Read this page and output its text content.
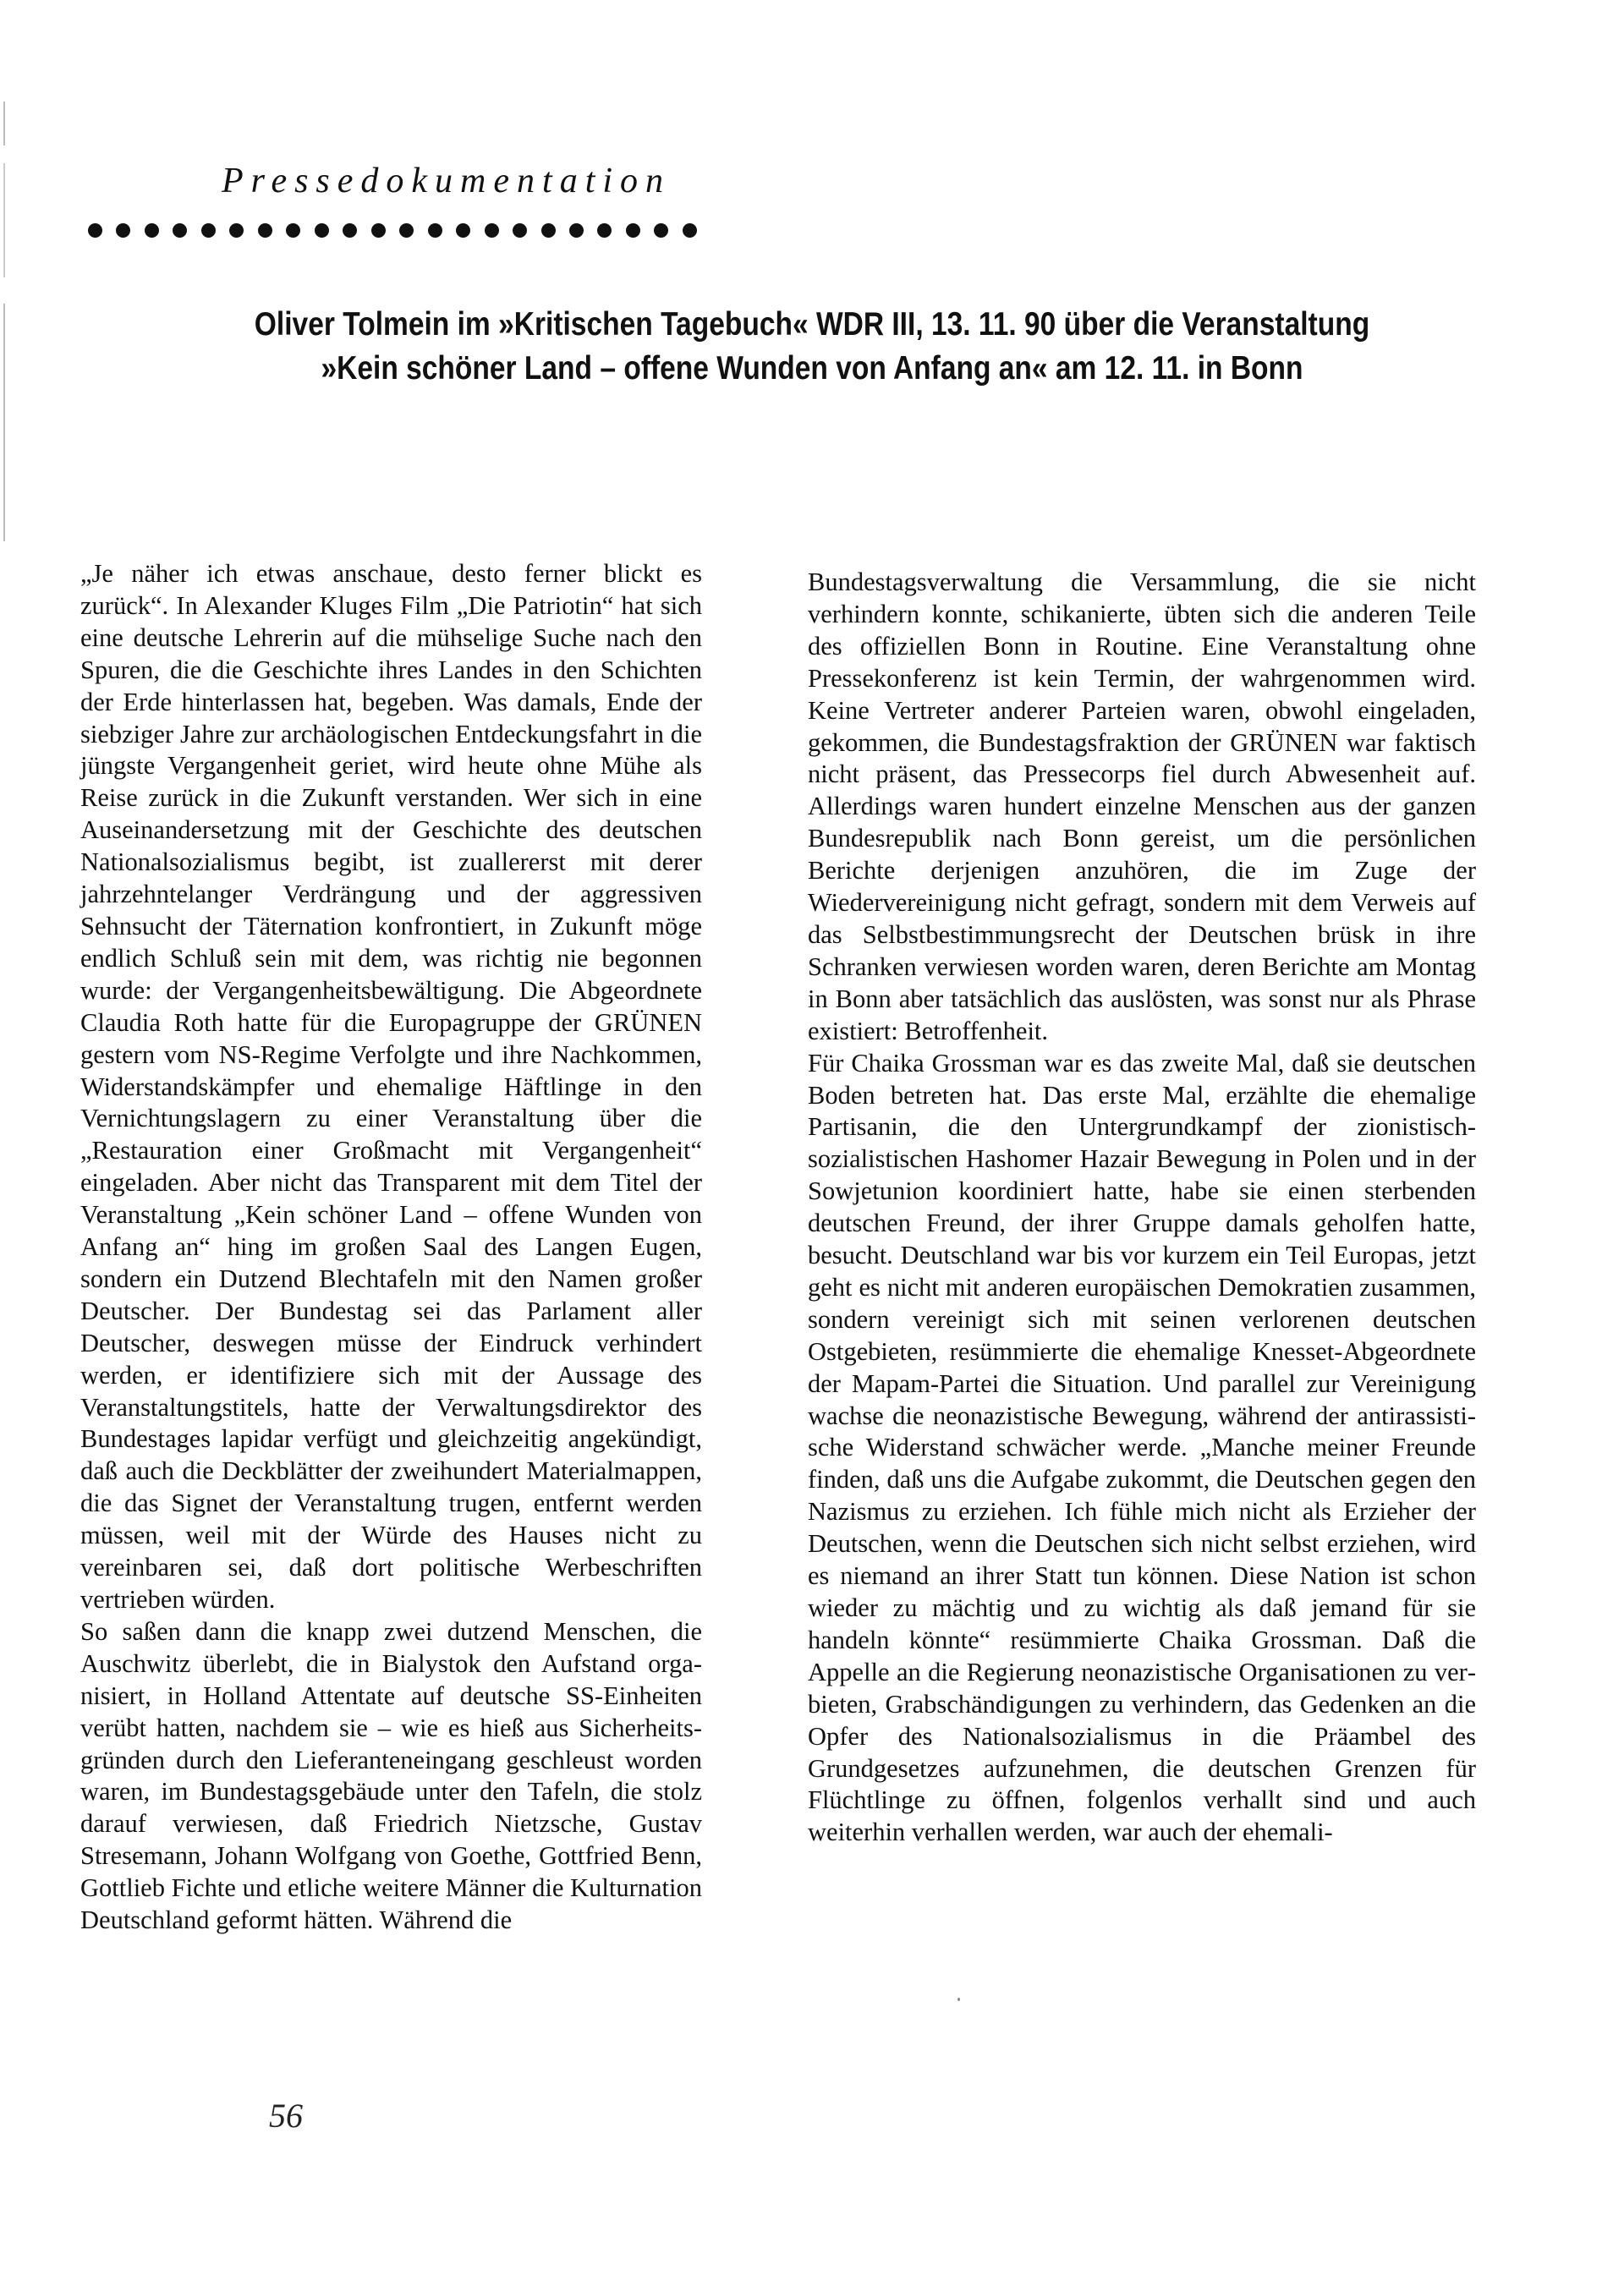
Pressedokumentation
Oliver Tolmein im »Kritischen Tagebuch« WDR III, 13. 11. 90 über die Veranstaltung
»Kein schöner Land – offene Wunden von Anfang an« am 12. 11. in Bonn

„Je näher ich etwas anschaue, desto ferner blickt es zurück“. In Alexander Kluges Film „Die Patriotin“ hat sich eine deutsche Lehrerin auf die mühselige Suche nach den Spuren, die die Geschichte ihres Landes in den Schichten der Erde hinterlassen hat, begeben. Was damals, Ende der siebziger Jahre zur archäologischen Entdeckungsfahrt in die jüngste Vergangenheit geriet, wird heute ohne Mühe als Reise zurück in die Zukunft verstanden. Wer sich in eine Auseinandersetzung mit der Geschichte des deutschen Nationalsozialismus begibt, ist zuallererst mit derer jahrzehntelanger Verdrängung und der aggressiven Sehnsucht der Täternation konfrontiert, in Zukunft möge endlich Schluß sein mit dem, was richtig nie begonnen wurde: der Vergangenheitsbewältigung. Die Abgeordnete Claudia Roth hatte für die Europagruppe der GRÜNEN gestern vom NS-Regime Verfolgte und ihre Nachkommen, Widerstandskämpfer und ehemalige Häftlinge in den Vernichtungslagern zu einer Veranstaltung über die „Restauration einer Großmacht mit Vergangenheit“ eingeladen. Aber nicht das Transparent mit dem Titel der Veranstaltung „Kein schöner Land – offene Wunden von Anfang an“ hing im großen Saal des Langen Eugen, sondern ein Dutzend Blechtafeln mit den Namen großer Deutscher. Der Bundestag sei das Parlament aller Deutscher, deswegen müsse der Eindruck verhindert werden, er identifiziere sich mit der Aussage des Veranstaltungstitels, hatte der Verwaltungsdirektor des Bundestages lapidar verfügt und gleichzeitig angekündigt, daß auch die Deckblätter der zweihundert Materialmappen, die das Signet der Veranstaltung trugen, entfernt werden müssen, weil mit der Würde des Hauses nicht zu vereinbaren sei, daß dort politische Werbeschriften vertrieben würden.

So saßen dann die knapp zwei dutzend Menschen, die Auschwitz überlebt, die in Bialystok den Aufstand organisiert, in Holland Attentate auf deutsche SS-Einheiten verübt hatten, nachdem sie – wie es hieß aus Sicherheitsgründen durch den Lieferanteneingang geschleust worden waren, im Bundestagsgebäude unter den Tafeln, die stolz darauf verwiesen, daß Friedrich Nietzsche, Gustav Stresemann, Johann Wolfgang von Goethe, Gottfried Benn, Gottlieb Fichte und etliche weitere Männer die Kulturnation Deutschland geformt hätten. Während die

Bundestagsverwaltung die Versammlung, die sie nicht verhindern konnte, schikanierte, übten sich die anderen Teile des offiziellen Bonn in Routine. Eine Veranstaltung ohne Pressekonferenz ist kein Termin, der wahrgenommen wird. Keine Vertreter anderer Parteien waren, obwohl eingeladen, gekommen, die Bundestagsfraktion der GRÜNEN war faktisch nicht präsent, das Pressecorps fiel durch Abwesenheit auf. Allerdings waren hundert einzelne Menschen aus der ganzen Bundesrepublik nach Bonn gereist, um die persönlichen Berichte derjenigen anzuhören, die im Zuge der Wiedervereinigung nicht gefragt, sondern mit dem Verweis auf das Selbstbestimmungsrecht der Deutschen brüsk in ihre Schranken verwiesen worden waren, deren Berichte am Montag in Bonn aber tatsächlich das auslösten, was sonst nur als Phrase existiert: Betroffenheit.

Für Chaika Grossman war es das zweite Mal, daß sie deutschen Boden betreten hat. Das erste Mal, erzählte die ehemalige Partisanin, die den Untergrundkampf der zionistisch-sozialistischen Hashomer Hazair Bewegung in Polen und in der Sowjetunion koordiniert hatte, habe sie einen sterbenden deutschen Freund, der ihrer Gruppe damals geholfen hatte, besucht. Deutschland war bis vor kurzem ein Teil Europas, jetzt geht es nicht mit anderen europäischen Demokratien zusammen, sondern vereinigt sich mit seinen verlorenen deutschen Ostgebieten, resümmierte die ehemalige Knesset-Abgeordnete der Mapam-Partei die Situation. Und parallel zur Vereinigung wachse die neonazistische Bewegung, während der antirassistische Widerstand schwächer werde. „Manche meiner Freunde finden, daß uns die Aufgabe zukommt, die Deutschen gegen den Nazismus zu erziehen. Ich fühle mich nicht als Erzieher der Deutschen, wenn die Deutschen sich nicht selbst erziehen, wird es niemand an ihrer Statt tun können. Diese Nation ist schon wieder zu mächtig und zu wichtig als daß jemand für sie handeln könnte“ resümmierte Chaika Grossman. Daß die Appelle an die Regierung neonazistische Organisationen zu verbieten, Grabschändigungen zu verhindern, das Gedenken an die Opfer des Nationalsozialismus in die Präambel des Grundgesetzes aufzunehmen, die deutschen Grenzen für Flüchtlinge zu öffnen, folgenlos verhallt sind und auch weiterhin verhallen werden, war auch der ehemali-

56
